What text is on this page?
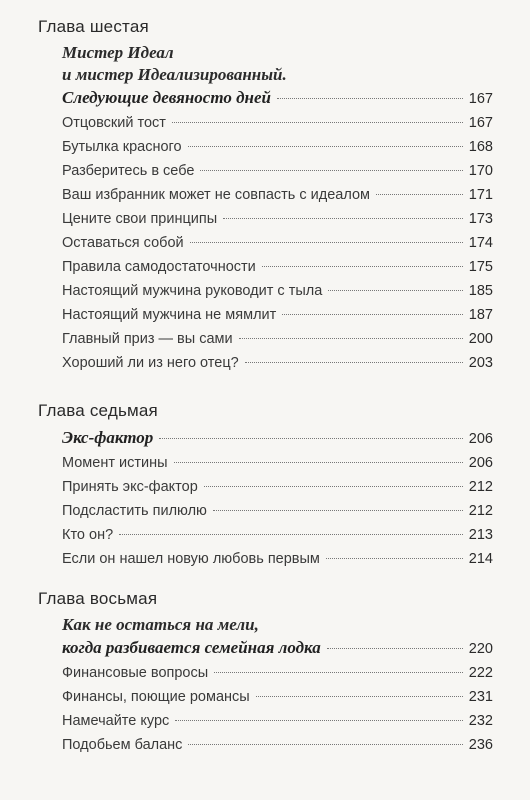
Глава шестая
Мистер Идеал
и мистер Идеализированный.
Следующие девяносто дней	167
Отцовский тост	167
Бутылка красного	168
Разберитесь в себе	170
Ваш избранник может не совпасть с идеалом	171
Цените свои принципы	173
Оставаться собой	174
Правила самодостаточности	175
Настоящий мужчина руководит с тыла	185
Настоящий мужчина не мямлит	187
Главный приз — вы сами	200
Хороший ли из него отец?	203
Глава седьмая
Экс-фактор	206
Момент истины	206
Принять экс-фактор	212
Подсластить пилюлю	212
Кто он?	213
Если он нашел новую любовь первым	214
Глава восьмая
Как не остаться на мели,
когда разбивается семейная лодка	220
Финансовые вопросы	222
Финансы, поющие романсы	231
Намечайте курс	232
Подобьем баланс	236
